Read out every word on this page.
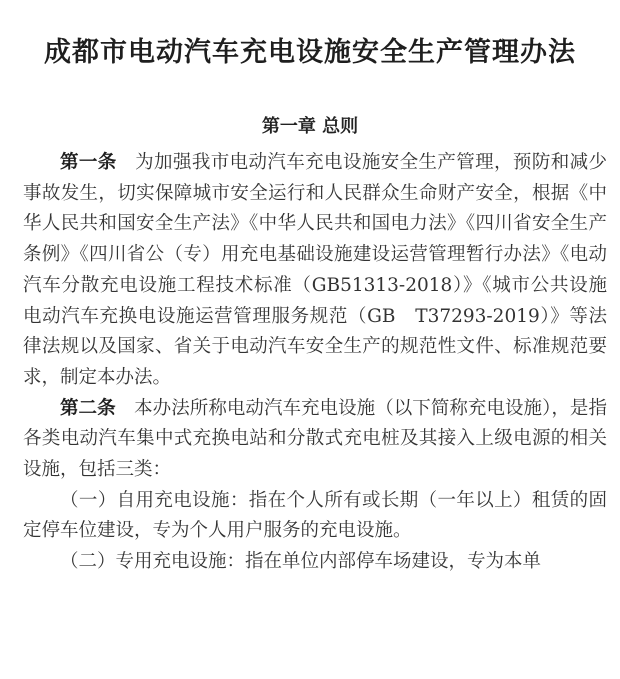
成都市电动汽车充电设施安全生产管理办法
第一章 总则

第一条 为加强我市电动汽车充电设施安全生产管理，预防和减少事故发生，切实保障城市安全运行和人民群众生命财产安全，根据《中华人民共和国安全生产法》《中华人民共和国电力法》《四川省安全生产条例》《四川省公（专）用充电基础设施建设运营管理暂行办法》《电动汽车分散充电设施工程技术标准（GB51313-2018）》《城市公共设施电动汽车充换电设施运营管理服务规范（GB　T37293-2019）》等法律法规以及国家、省关于电动汽车安全生产的规范性文件、标准规范要求，制定本办法。

第二条 本办法所称电动汽车充电设施（以下简称充电设施），是指各类电动汽车集中式充换电站和分散式充电桩及其接入上级电源的相关设施，包括三类：

（一）自用充电设施：指在个人所有或长期（一年以上）租赁的固定停车位建设，专为个人用户服务的充电设施。

（二）专用充电设施：指在单位内部停车场建设，专为本单
